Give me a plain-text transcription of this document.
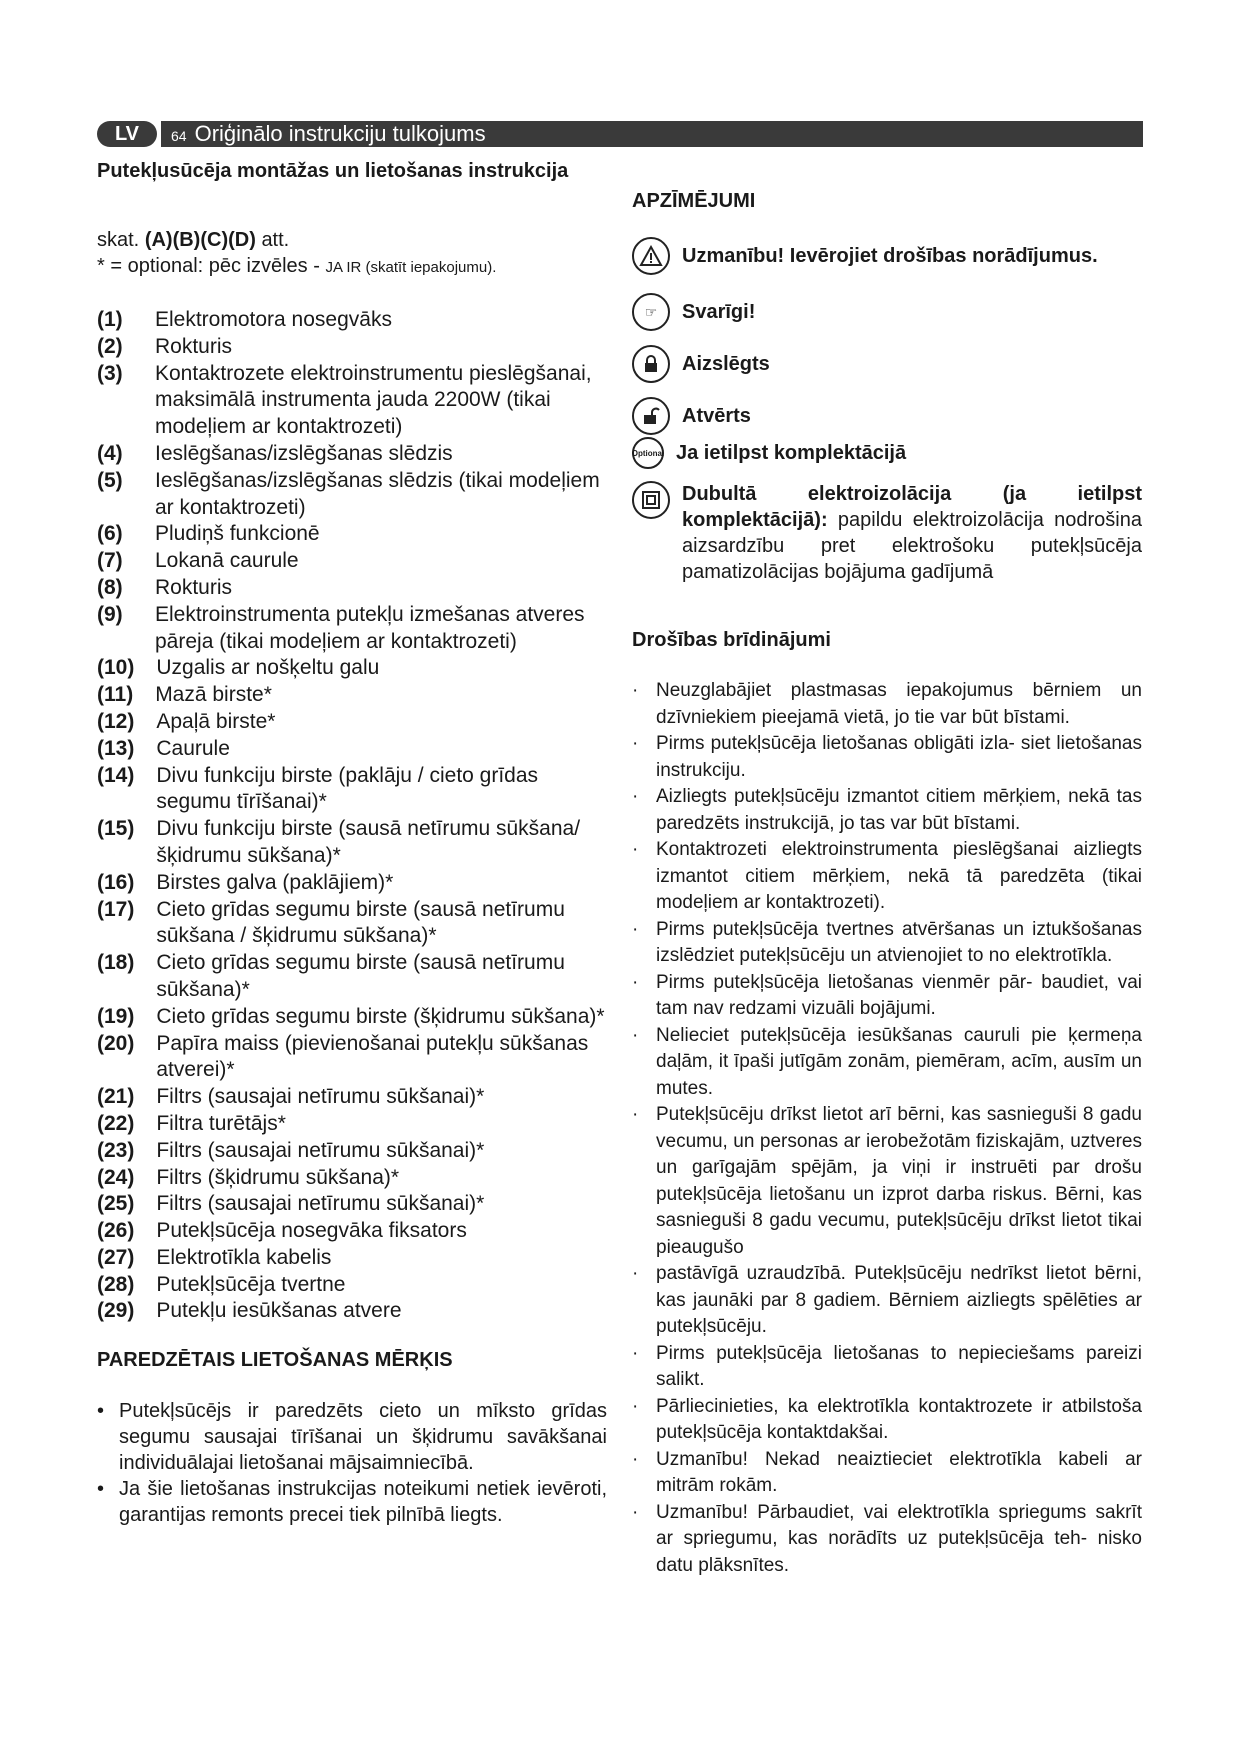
LV	64 Oriģinālo instrukciju tulkojums

Putekļusūcēja montāžas un lietošanas instrukcija

skat. (A)(B)(C)(D) att.
* = optional: pēc izvēles - JA IR (skatīt iepakojumu).
(1)	Elektromotora nosegvāks
(2)	Rokturis
(3)	Kontaktrozete elektroinstrumentu pieslēgšanai, maksimālā instrumenta jauda 2200W (tikai modeļiem ar kontaktrozeti)
(4)	Ieslēgšanas/izslēgšanas slēdzis
(5)	Ieslēgšanas/izslēgšanas slēdzis (tikai modeļiem ar kontaktrozeti)
(6)	Pludiņš funkcionē
(7)	Lokanā caurule
(8)	Rokturis
(9)	Elektroinstrumenta putekļu izmešanas atveres pāreja (tikai modeļiem ar kontaktrozeti)
(10)	Uzgalis ar nošķeltu galu
(11)	Mazā birste*
(12)	Apaļā birste*
(13)	Caurule
(14)	Divu funkciju birste (paklāju / cieto grīdas segumu tīrīšanai)*
(15)	Divu funkciju birste (sausā netīrumu sūkšana/ šķidrumu sūkšana)*
(16)	Birstes galva (paklājiem)*
(17)	Cieto grīdas segumu birste (sausā netīrumu sūkšana / šķidrumu sūkšana)*
(18)	Cieto grīdas segumu birste (sausā netīrumu sūkšana)*
(19)	Cieto grīdas segumu birste (šķidrumu sūkšana)*
(20)	Papīra maiss (pievienošanai putekļu sūkšanas atverei)*
(21)	Filtrs (sausajai netīrumu sūkšanai)*
(22)	Filtra turētājs*
(23)	Filtrs (sausajai netīrumu sūkšanai)*
(24)	Filtrs (šķidrumu sūkšana)*
(25)	Filtrs (sausajai netīrumu sūkšanai)*
(26)	Putekļsūcēja nosegvāka fiksators
(27)	Elektrotīkla kabelis
(28)	Putekļsūcēja tvertne
(29)	Putekļu iesūkšanas atvere

PAREDZĒTAIS LIETOŠANAS MĒRĶIS

• Putekļsūcējs ir paredzēts cieto un mīksto grīdas segumu sausajai tīrīšanai un šķidrumu savākšanai individuālajai lietošanai mājsaimniecībā.
• Ja šie lietošanas instrukcijas noteikumi netiek ievēroti, garantijas remonts precei tiek pilnībā liegts.

APZĪMĒJUMI

Uzmanību! Ievērojiet drošības norādījumus.
☞	Svarīgi!
Aizslēgts
Atvērts
Optional Ja ietilpst komplektācijā
Dubultā elektroizolācija (ja ietilpst komplektācijā): papildu elektroizolācija nodrošina aizsardzību pret elektrošoku putekļsūcēja pamatizolācijas bojājuma gadījumā

Drošības brīdinājumi

· Neuzglabājiet plastmasas iepakojumus bērniem un dzīvniekiem pieejamā vietā, jo tie var būt bīstami.
· Pirms putekļsūcēja lietošanas obligāti izla- siet lietošanas instrukciju.
· Aizliegts putekļsūcēju izmantot citiem mērķiem, nekā tas paredzēts instrukcijā, jo tas var būt bīstami.
· Kontaktrozeti elektroinstrumenta pieslēgšanai aizliegts izmantot citiem mērķiem, nekā tā paredzēta (tikai modeļiem ar kontaktrozeti).
· Pirms putekļsūcēja tvertnes atvēršanas un iztukšošanas izslēdziet putekļsūcēju un atvienojiet to no elektrotīkla.
· Pirms putekļsūcēja lietošanas vienmēr pār- baudiet, vai tam nav redzami vizuāli bojājumi.
· Nelieciet putekļsūcēja iesūkšanas cauruli pie ķermeņa daļām, it īpaši jutīgām zonām, piemēram, acīm, ausīm un mutes.
· Putekļsūcēju drīkst lietot arī bērni, kas sasnieguši 8 gadu vecumu, un personas ar ierobežotām fiziskajām, uztveres un garīgajām spējām, ja viņi ir instruēti par drošu putekļsūcēja lietošanu un izprot darba riskus. Bērni, kas sasnieguši 8 gadu vecumu, putekļsūcēju drīkst lietot tikai pieaugušo
· pastāvīgā uzraudzībā. Putekļsūcēju nedrīkst lietot bērni, kas jaunāki par 8 gadiem. Bērniem aizliegts spēlēties ar putekļsūcēju.
· Pirms putekļsūcēja lietošanas to nepieciešams pareizi salikt.
· Pārliecinieties, ka elektrotīkla kontaktrozete ir atbilstoša putekļsūcēja kontaktdakšai.
· Uzmanību! Nekad neaiztieciet elektrotīkla kabeli ar mitrām rokām.
· Uzmanību! Pārbaudiet, vai elektrotīkla spriegums sakrīt ar spriegumu, kas norādīts uz putekļsūcēja teh- nisko datu plāksnītes.
